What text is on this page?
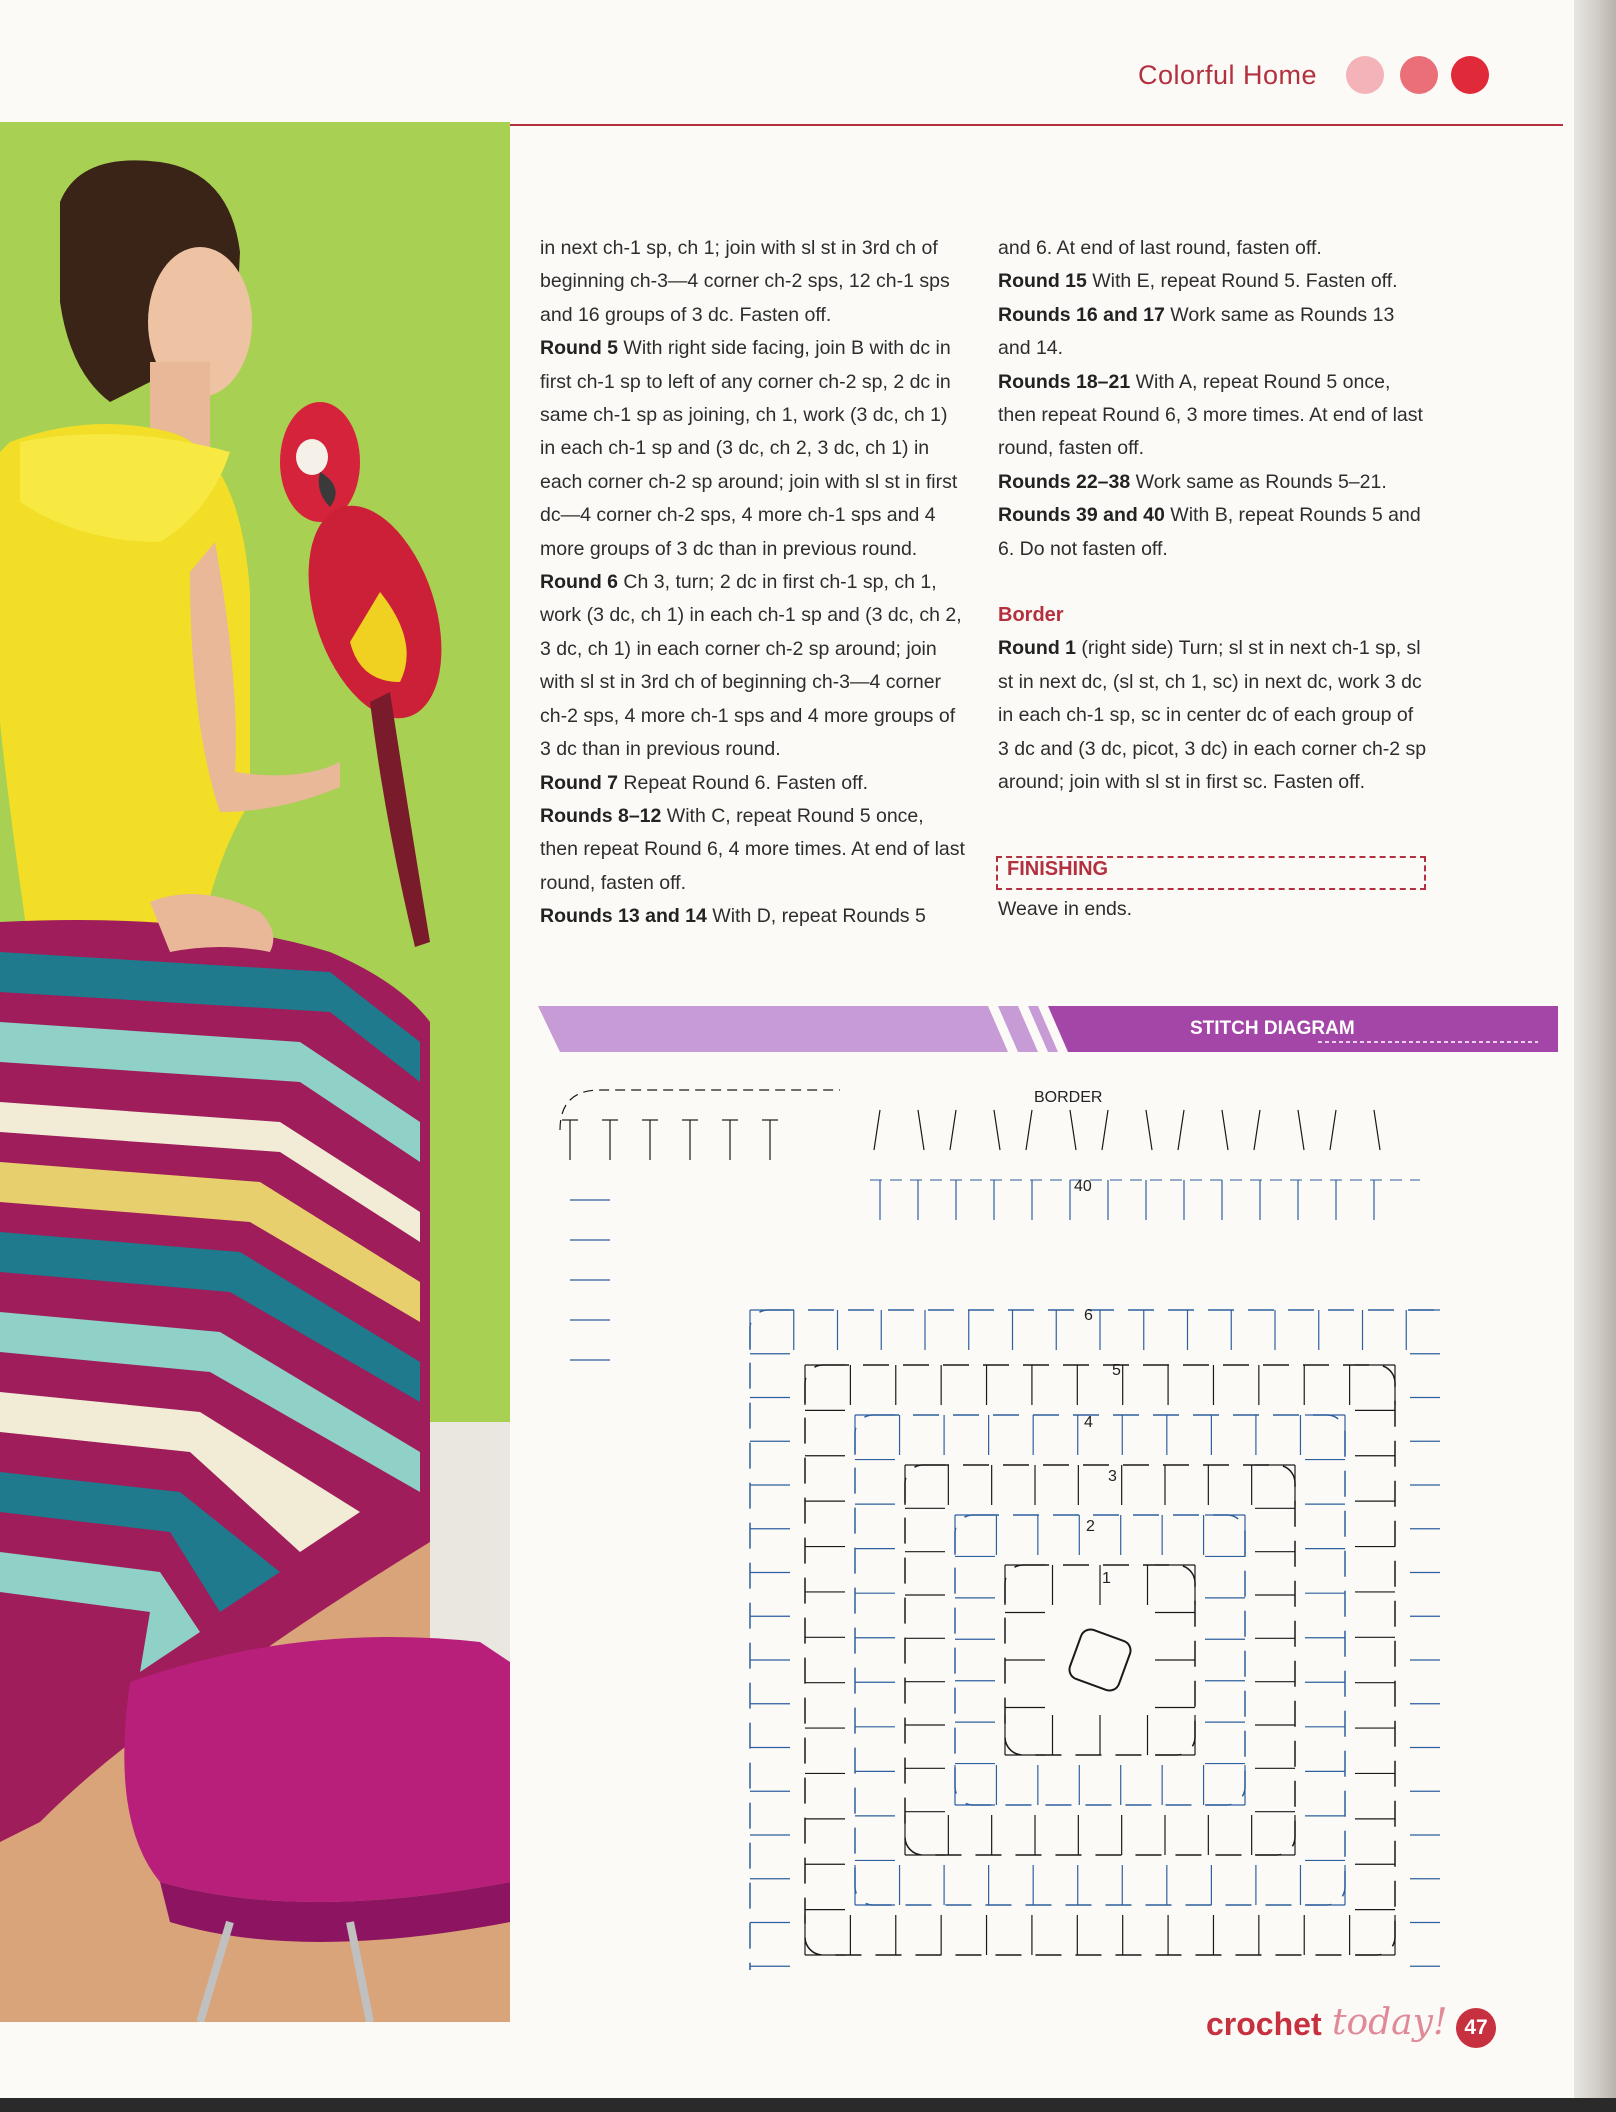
Colorful Home

in next ch-1 sp, ch 1; join with sl st in 3rd ch of beginning ch-3—4 corner ch-2 sps, 12 ch-1 sps and 16 groups of 3 dc. Fasten off.

Round 5 With right side facing, join B with dc in first ch-1 sp to left of any corner ch-2 sp, 2 dc in same ch-1 sp as joining, ch 1, work (3 dc, ch 1) in each ch-1 sp and (3 dc, ch 2, 3 dc, ch 1) in each corner ch-2 sp around; join with sl st in first dc—4 corner ch-2 sps, 4 more ch-1 sps and 4 more groups of 3 dc than in previous round.

Round 6 Ch 3, turn; 2 dc in first ch-1 sp, ch 1, work (3 dc, ch 1) in each ch-1 sp and (3 dc, ch 2, 3 dc, ch 1) in each corner ch-2 sp around; join with sl st in 3rd ch of beginning ch-3—4 corner ch-2 sps, 4 more ch-1 sps and 4 more groups of 3 dc than in previous round.

Round 7 Repeat Round 6. Fasten off.

Rounds 8–12 With C, repeat Round 5 once, then repeat Round 6, 4 more times. At end of last round, fasten off.

Rounds 13 and 14 With D, repeat Rounds 5

and 6. At end of last round, fasten off.

Round 15 With E, repeat Round 5. Fasten off.

Rounds 16 and 17 Work same as Rounds 13 and 14.

Rounds 18–21 With A, repeat Round 5 once, then repeat Round 6, 3 more times. At end of last round, fasten off.

Rounds 22–38 Work same as Rounds 5–21.

Rounds 39 and 40 With B, repeat Rounds 5 and 6. Do not fasten off.

Border

Round 1 (right side) Turn; sl st in next ch-1 sp, sl st in next dc, (sl st, ch 1, sc) in next dc, work 3 dc in each ch-1 sp, sc in center dc of each group of 3 dc and (3 dc, picot, 3 dc) in each corner ch-2 sp around; join with sl st in first sc. Fasten off.

FINISHING
Weave in ends.
STITCH DIAGRAM
BORDER
40
6
5
4
3
2
1
crochet today! 47
